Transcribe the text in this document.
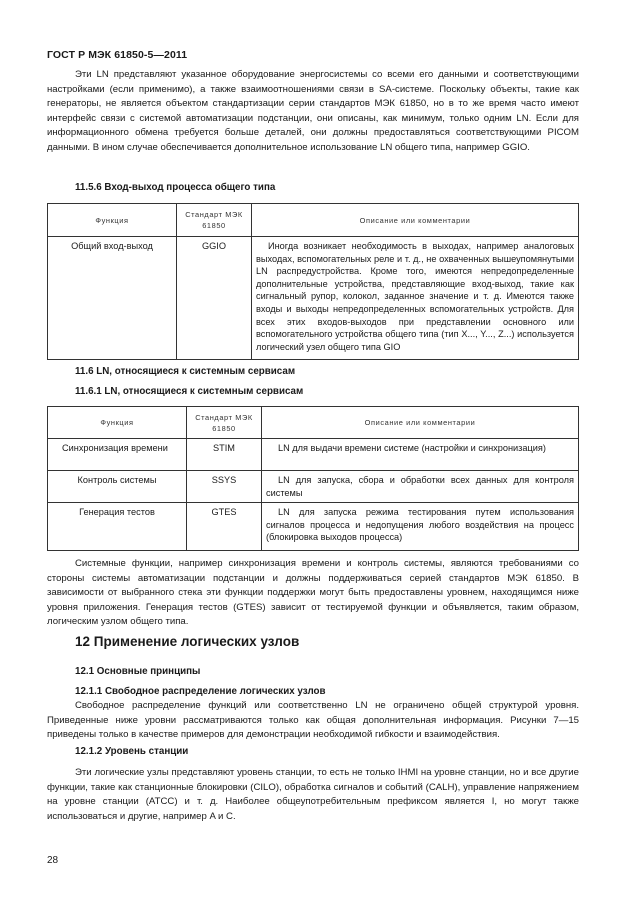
ГОСТ Р МЭК 61850-5—2011

Эти LN представляют указанное оборудование энергосистемы со всеми его данными и соответствующими настройками (если применимо), а также взаимоотношениями связи в SA-системе. Поскольку объекты, такие как генераторы, не является объектом стандартизации серии стандартов МЭК 61850, но в то же время часто имеют интерфейс связи с системой автоматизации подстанции, они описаны, как минимум, только одним LN. Если для информационного обмена требуется больше деталей, они должны предоставляться соответствующими PICOM данными. В ином случае обеспечивается дополнительное использование LN общего типа, например GGIO.

11.5.6 Вход-выход процесса общего типа

Функция	Стандарт МЭК 61850	Описание или комментарии
Общий вход-выход	GGIO	Иногда возникает необходимость в выходах, например аналоговых выходах, вспомогательных реле и т. д., не охваченных вышеупомянутыми LN распредустройства. Кроме того, имеются непредопределенные дополнительные устройства, представляющие вход-выход, такие как сигнальный рупор, колокол, заданное значение и т. д. Имеются также входы и выходы непредопределенных вспомогательных устройств. Для всех этих входов-выходов при представлении основного или вспомогательного устройства общего типа (тип X..., Y..., Z...) используется логический узел общего типа GIO

11.6 LN, относящиеся к системным сервисам

11.6.1 LN, относящиеся к системным сервисам

Функция	Стандарт МЭК 61850	Описание или комментарии
Синхронизация времени	STIM	LN для выдачи времени системе (настройки и синхронизация)
Контроль системы	SSYS	LN для запуска, сбора и обработки всех данных для контроля системы
Генерация тестов	GTES	LN для запуска режима тестирования путем использования сигналов процесса и недопущения любого воздействия на процесс (блокировка выходов процесса)

Системные функции, например синхронизация времени и контроль системы, являются требованиями со стороны системы автоматизации подстанции и должны поддерживаться серией стандартов МЭК 61850. В зависимости от выбранного стека эти функции поддержки могут быть предоставлены уровнем, находящимся ниже уровня приложения. Генерация тестов (GTES) зависит от тестируемой функции и объявляется, таким образом, логическим узлом общего типа.

12 Применение логических узлов

12.1 Основные принципы

12.1.1 Свободное распределение логических узлов

Свободное распределение функций или соответственно LN не ограничено общей структурой уровня. Приведенные ниже уровни рассматриваются только как общая дополнительная информация. Рисунки 7—15 приведены только в качестве примеров для демонстрации необходимой гибкости и взаимодействия.

12.1.2 Уровень станции

Эти логические узлы представляют уровень станции, то есть не только IHMI на уровне станции, но и все другие функции, такие как станционные блокировки (CILO), обработка сигналов и событий (CALH), управление напряжением на уровне станции (ATCC) и т. д. Наиболее общеупотребительным префиксом является I, но могут также использоваться и другие, например A и C.

28
